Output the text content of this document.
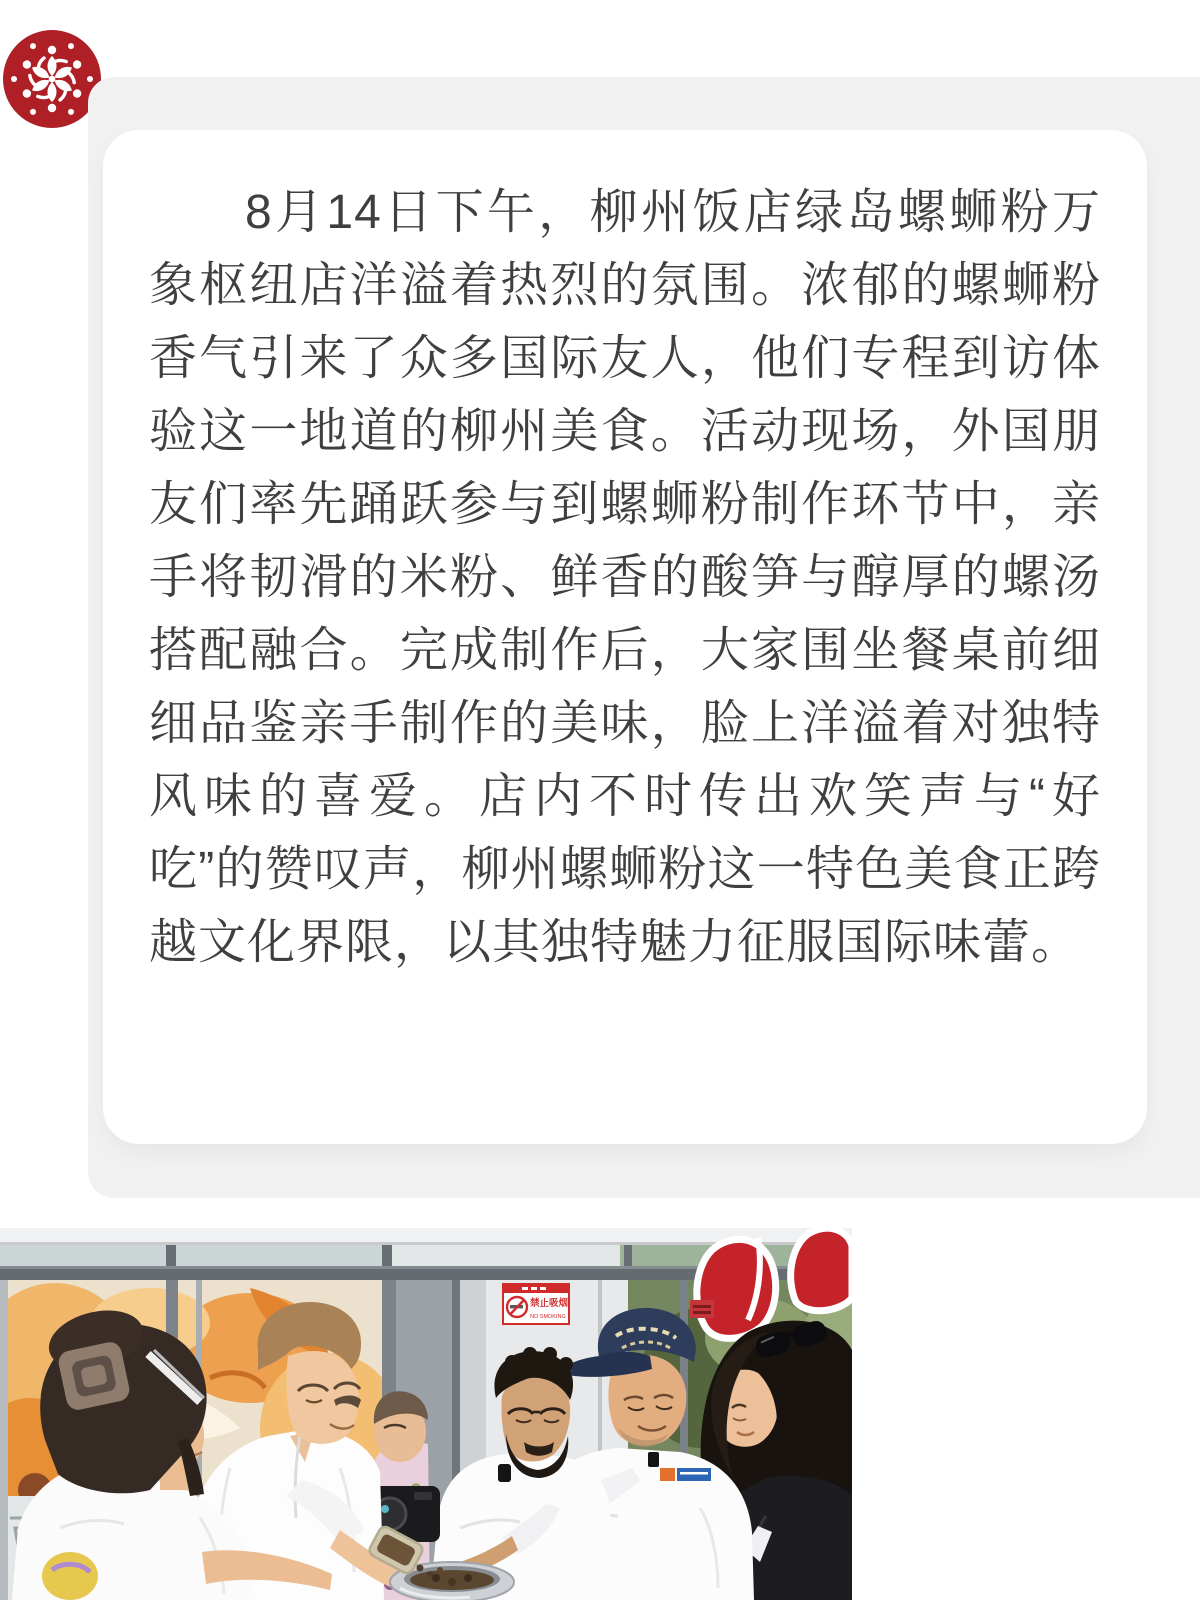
8月14日下午，柳州饭店绿岛螺蛳粉万象枢纽店洋溢着热烈的氛围。浓郁的螺蛳粉香气引来了众多国际友人，他们专程到访体验这一地道的柳州美食。活动现场，外国朋友们率先踊跃参与到螺蛳粉制作环节中，亲手将韧滑的米粉、鲜香的酸笋与醇厚的螺汤搭配融合。完成制作后，大家围坐餐桌前细细品鉴亲手制作的美味，脸上洋溢着对独特风味的喜爱。店内不时传出欢笑声与“好吃”的赞叹声，柳州螺蛳粉这一特色美食正跨越文化界限，以其独特魅力征服国际味蕾。

禁止吸烟
NO SMOKING
